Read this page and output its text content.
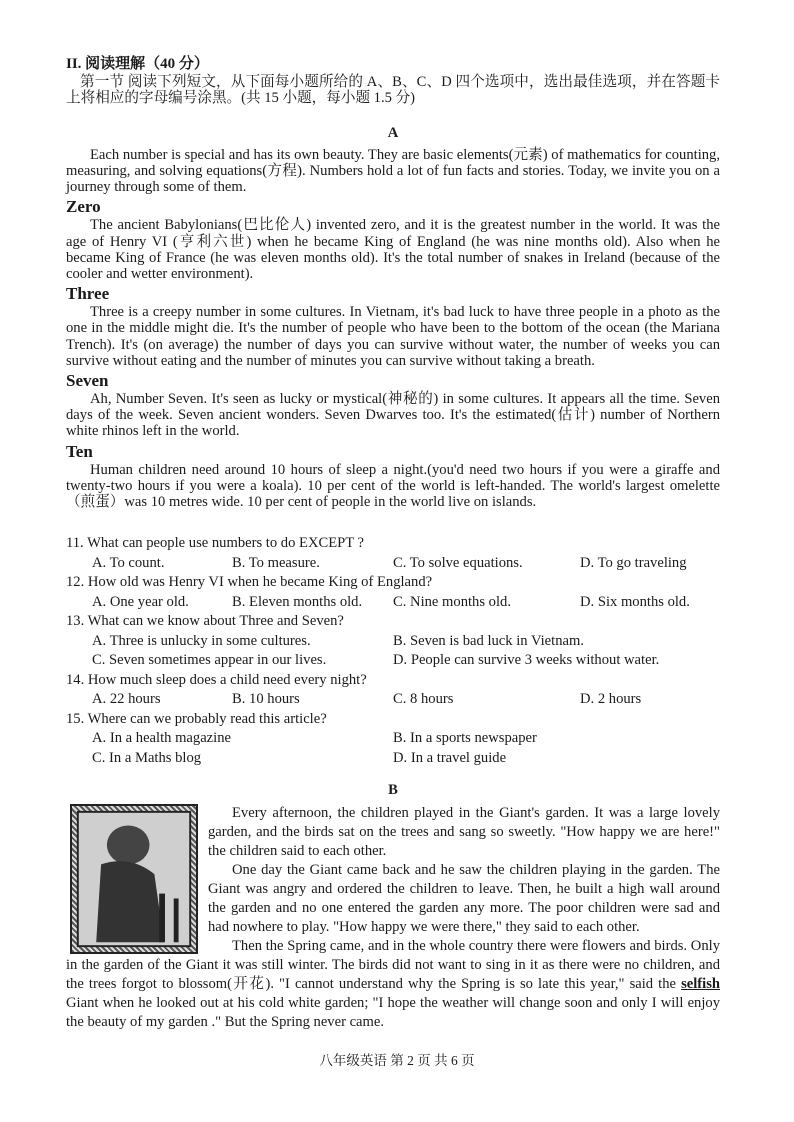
II. 阅读理解（40 分）
第一节 阅读下列短文，从下面每小题所给的 A、B、C、D 四个选项中，选出最佳选项，并在答题卡上将相应的字母编号涂黑。(共 15 小题，每小题 1.5 分)
A

Each number is special and has its own beauty. They are basic elements(元素) of mathematics for counting, measuring, and solving equations(方程). Numbers hold a lot of fun facts and stories. Today, we invite you on a journey through some of them.

Zero

The ancient Babylonians(巴比伦人) invented zero, and it is the greatest number in the world. It was the age of Henry VI (亨利六世) when he became King of England (he was nine months old). Also when he became King of France (he was eleven months old). It's the total number of snakes in Ireland (because of the cooler and wetter environment).

Three

Three is a creepy number in some cultures. In Vietnam, it's bad luck to have three people in a photo as the one in the middle might die. It's the number of people who have been to the bottom of the ocean (the Mariana Trench). It's (on average) the number of days you can survive without water, the number of weeks you can survive without eating and the number of minutes you can survive without taking a breath.

Seven

Ah, Number Seven. It's seen as lucky or mystical(神秘的) in some cultures. It appears all the time. Seven days of the week. Seven ancient wonders. Seven Dwarves too. It's the estimated(估计) number of Northern white rhinos left in the world.

Ten

Human children need around 10 hours of sleep a night.(you'd need two hours if you were a giraffe and twenty-two hours if you were a koala). 10 per cent of the world is left-handed. The world's largest omelette（煎蛋）was 10 metres wide. 10 per cent of people in the world live on islands.

11. What can people use numbers to do EXCEPT ?
A. To count.	B. To measure.	C. To solve equations.	D. To go traveling
12. How old was Henry VI when he became King of England?
A. One year old.	B. Eleven months old. C. Nine months old.	D. Six months old.
13. What can we know about Three and Seven?
A. Three is unlucky in some cultures.	B. Seven is bad luck in Vietnam.
C. Seven sometimes appear in our lives.	D. People can survive 3 weeks without water.
14. How much sleep does a child need every night?
A. 22 hours	B. 10 hours	C. 8 hours	D. 2 hours
15. Where can we probably read this article?
A. In a health magazine	B. In a sports newspaper
C. In a Maths blog	D. In a travel guide
B

Every afternoon, the children played in the Giant's garden. It was a large lovely garden, and the birds sat on the trees and sang so sweetly. "How happy we are here!" the children said to each other.

One day the Giant came back and he saw the children playing in the garden. The Giant was angry and ordered the children to leave. Then, he built a high wall around the garden and no one entered the garden any more. The poor children were sad and had nowhere to play. "How happy we were there," they said to each other.

Then the Spring came, and in the whole country there were flowers and birds. Only in the garden of the Giant it was still winter. The birds did not want to sing in it as there were no children, and the trees forgot to blossom(开花). "I cannot understand why the Spring is so late this year," said the selfish Giant when he looked out at his cold white garden; "I hope the weather will change soon and only I will enjoy the beauty of my garden ." But the Spring never came.

八年级英语 第 2 页 共 6 页
